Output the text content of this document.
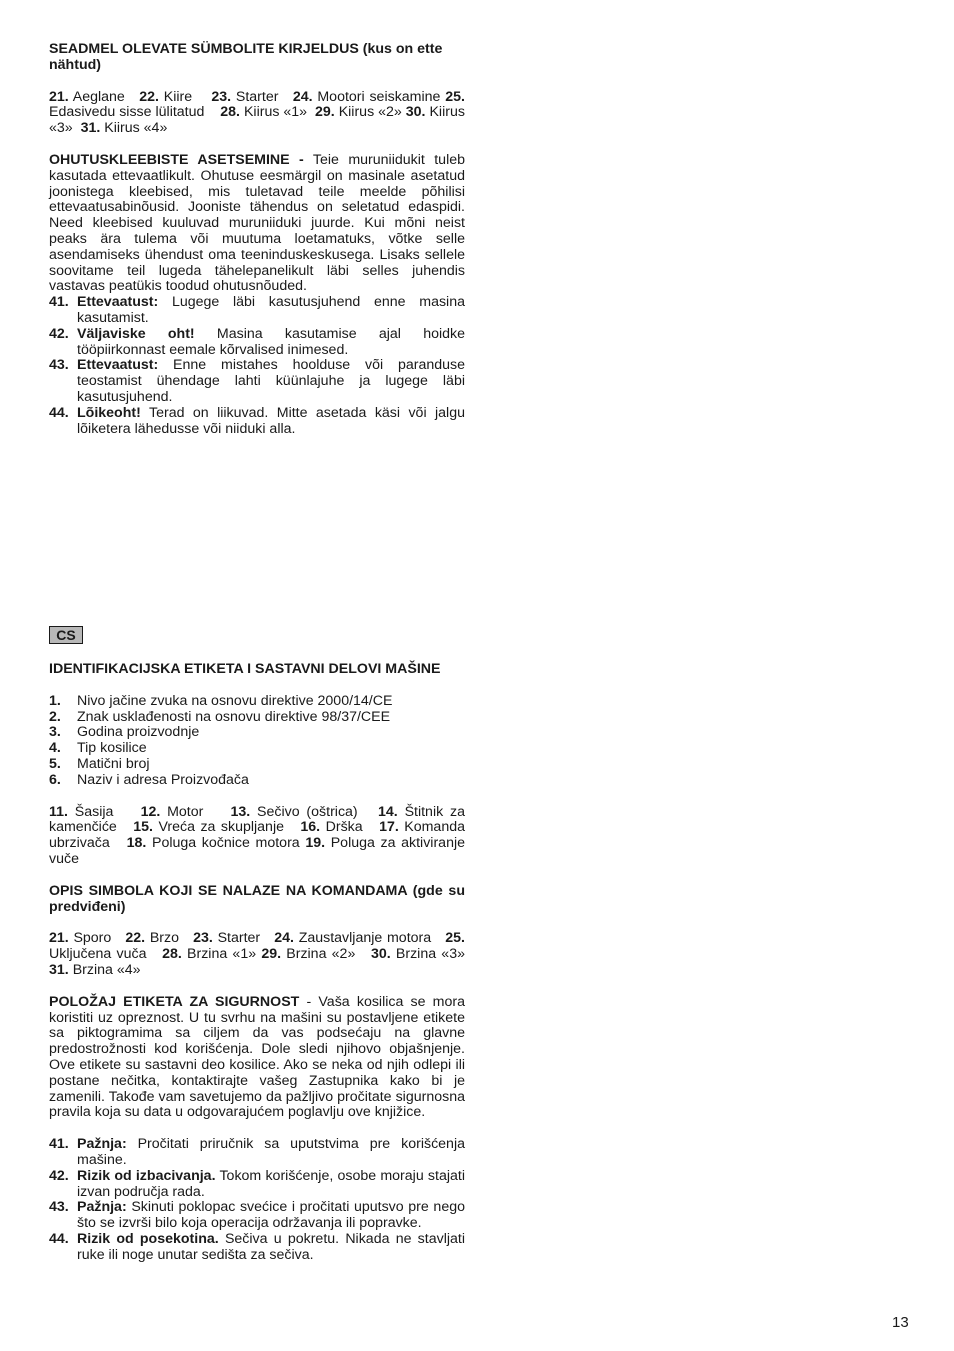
SEADMEL OLEVATE SÜMBOLITE KIRJELDUS (kus on ette nähtud)

21. Aeglane 22. Kiire 23. Starter 24. Mootori seiskamine 25. Edasivedu sisse lülitatud 28. Kiirus «1» 29. Kiirus «2» 30. Kiirus «3» 31. Kiirus «4»

OHUTUSKLEEBISTE ASETSEMINE - Teie muruniidukit tuleb kasutada ettevaatlikult. Ohutuse eesmärgil on masinale asetatud joonistega kleebised, mis tuletavad teile meelde põhilisi ettevaatusabinõusid. Jooniste tähendus on seletatud edaspidi. Need kleebised kuuluvad muruniiduki juurde. Kui mõni neist peaks ära tulema või muutuma loetamatuks, võtke selle asendamiseks ühendust oma teeninduskeskusega. Lisaks sellele soovitame teil lugeda tähelepanelikult läbi selles juhendis vastavas peatükis toodud ohutusnõuded.

41. Ettevaatust: Lugege läbi kasutusjuhend enne masina kasutamist.
42. Väljaviske oht! Masina kasutamise ajal hoidke tööpiirkonnast eemale kõrvalised inimesed.
43. Ettevaatust: Enne mistahes hoolduse või paranduse teostamist ühendage lahti küünlajuhe ja lugege läbi kasutusjuhend.
44. Lõikeoht! Terad on liikuvad. Mitte asetada käsi või jalgu lõiketera lähedusse või niiduki alla.
CS

IDENTIFIKACIJSKA ETIKETA I SASTAVNI DELOVI MAŠINE

1. Nivo jačine zvuka na osnovu direktive 2000/14/CE
2. Znak usklađenosti na osnovu direktive 98/37/CEE
3. Godina proizvodnje
4. Tip kosilice
5. Matični broj
6. Naziv i adresa Proizvođača

11. Šasija 12. Motor 13. Sečivo (oštrica) 14. Štitnik za kamenčiće 15. Vreća za skupljanje 16. Drška 17. Komanda ubrzivača 18. Poluga kočnice motora 19. Poluga za aktiviranje vuče

OPIS SIMBOLA KOJI SE NALAZE NA KOMANDAMA (gde su predviđeni)

21. Sporo 22. Brzo 23. Starter 24. Zaustavljanje motora 25. Uključena vuča 28. Brzina «1» 29. Brzina «2» 30. Brzina «3» 31. Brzina «4»

POLOŽAJ ETIKETA ZA SIGURNOST - Vaša kosilica se mora koristiti uz opreznost. U tu svrhu na mašini su postavljene etikete sa piktogramima sa ciljem da vas podsećaju na glavne predostrožnosti kod korišćenja. Dole sledi njihovo objašnjenje. Ove etikete su sastavni deo kosilice. Ako se neka od njih odlepi ili postane nečitka, kontaktirajte vašeg Zastupnika kako bi je zamenili. Takođe vam savetujemo da pažljivo pročitate sigurnosna pravila koja su data u odgovarajućem poglavlju ove knjižice.

41. Pažnja: Pročitati priručnik sa uputstvima pre korišćenja mašine.
42. Rizik od izbacivanja. Tokom korišćenje, osobe moraju stajati izvan područja rada.
43. Pažnja: Skinuti poklopac svećice i pročitati uputsvo pre nego što se izvrši bilo koja operacija održavanja ili popravke.
44. Rizik od posekotina. Sečiva u pokretu. Nikada ne stavljati ruke ili noge unutar sedišta za sečiva.
13
